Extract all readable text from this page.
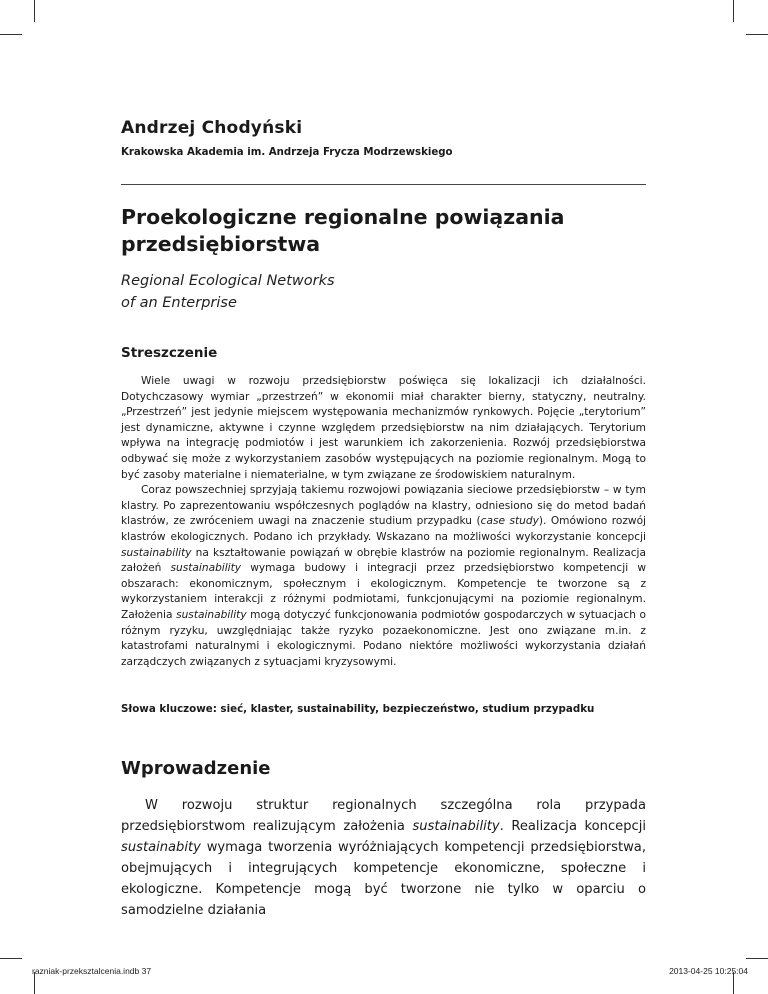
Andrzej Chodyński
Krakowska Akademia im. Andrzeja Frycza Modrzewskiego
Proekologiczne regionalne powiązania
przedsiębiorstwa
Regional Ecological Networks
of an Enterprise
Streszczenie

Wiele uwagi w rozwoju przedsiębiorstw poświęca się lokalizacji ich działalności. Dotychczasowy wymiar „przestrzeń” w ekonomii miał charakter bierny, statyczny, neutralny. „Przestrzeń” jest jedynie miejscem występowania mechanizmów rynkowych. Pojęcie „terytorium” jest dynamiczne, aktywne i czynne względem przedsiębiorstw na nim działających. Terytorium wpływa na integrację podmiotów i jest warunkiem ich zakorzenienia. Rozwój przedsiębiorstwa odbywać się może z wykorzystaniem zasobów występujących na poziomie regionalnym. Mogą to być zasoby materialne i niematerialne, w tym związane ze środowiskiem naturalnym.

Coraz powszechniej sprzyjają takiemu rozwojowi powiązania sieciowe przedsiębiorstw – w tym klastry. Po zaprezentowaniu współczesnych poglądów na klastry, odniesiono się do metod badań klastrów, ze zwróceniem uwagi na znaczenie studium przypadku (case study). Omówiono rozwój klastrów ekologicznych. Podano ich przykłady. Wskazano na możliwości wykorzystanie koncepcji sustainability na kształtowanie powiązań w obrębie klastrów na poziomie regionalnym. Realizacja założeń sustainability wymaga budowy i integracji przez przedsiębiorstwo kompetencji w obszarach: ekonomicznym, społecznym i ekologicznym. Kompetencje te tworzone są z wykorzystaniem interakcji z różnymi podmiotami, funkcjonującymi na poziomie regionalnym. Założenia sustainability mogą dotyczyć funkcjonowania podmiotów gospodarczych w sytuacjach o różnym ryzyku, uwzględniając także ryzyko pozaekonomiczne. Jest ono związane m.in. z katastrofami naturalnymi i ekologicznymi. Podano niektóre możliwości wykorzystania działań zarządczych związanych z sytuacjami kryzysowymi.

Słowa kluczowe: sieć, klaster, sustainability, bezpieczeństwo, studium przypadku
Wprowadzenie

W rozwoju struktur regionalnych szczególna rola przypada przedsiębiorstwom realizującym założenia sustainability. Realizacja koncepcji sustainabity wymaga tworzenia wyróżniających kompetencji przedsiębiorstwa, obejmujących i integrujących kompetencje ekonomiczne, społeczne i ekologiczne. Kompetencje mogą być tworzone nie tylko w oparciu o samodzielne działania

razniak-przeksztalcenia.indb 37	2013-04-25 10:25:04
